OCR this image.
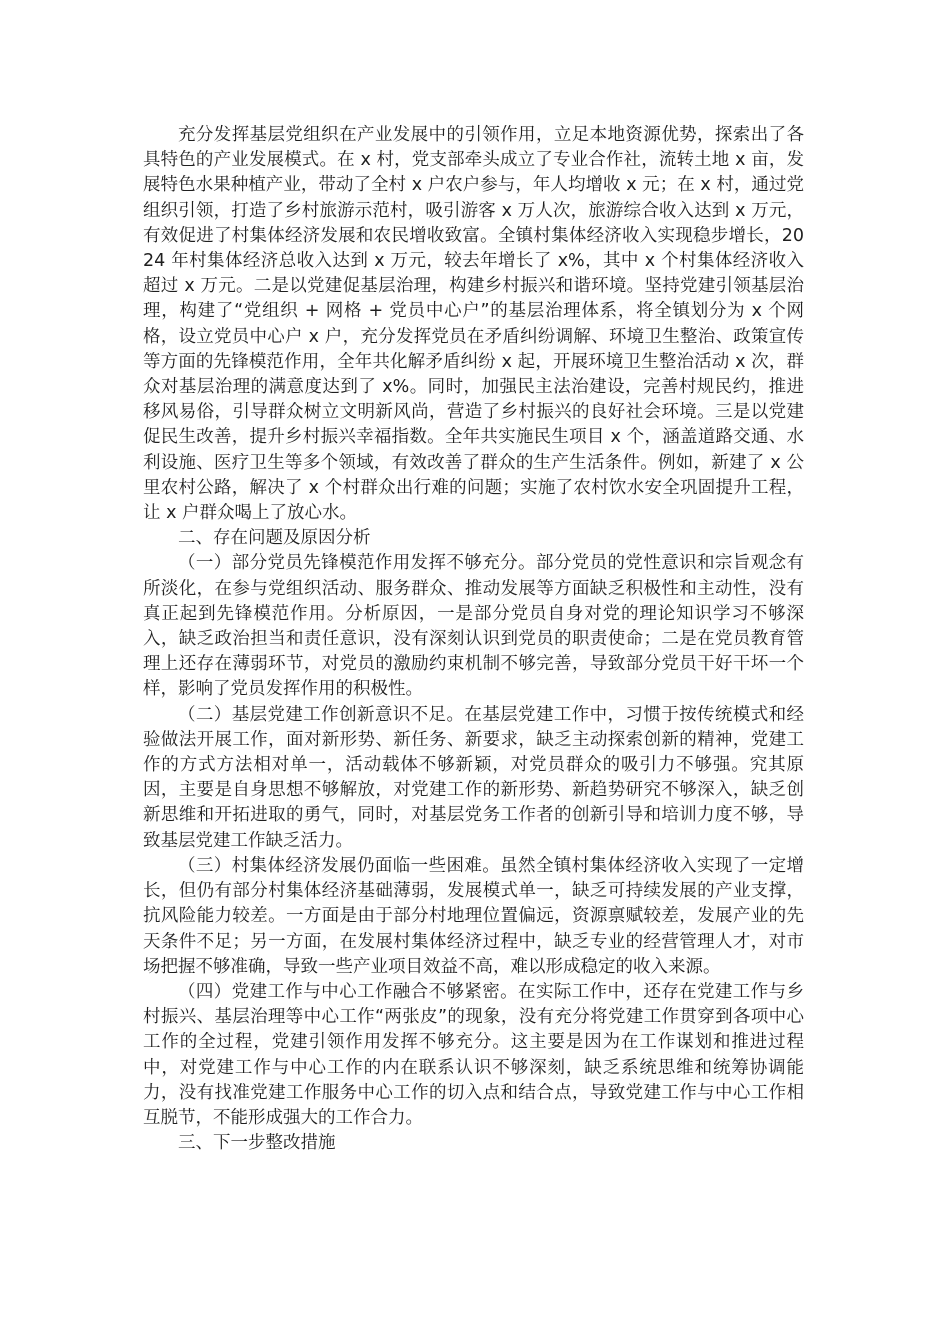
充分发挥基层党组织在产业发展中的引领作用，立足本地资源优势，探索出了各具特色的产业发展模式。在 x 村，党支部牵头成立了专业合作社，流转土地 x 亩，发展特色水果种植产业，带动了全村 x 户农户参与，年人均增收 x 元；在 x 村，通过党组织引领，打造了乡村旅游示范村，吸引游客 x 万人次，旅游综合收入达到 x 万元，有效促进了村集体经济发展和农民增收致富。全镇村集体经济收入实现稳步增长，2024 年村集体经济总收入达到 x 万元，较去年增长了 x%，其中 x 个村集体经济收入超过 x 万元。二是以党建促基层治理，构建乡村振兴和谐环境。坚持党建引领基层治理，构建了“党组织 + 网格 + 党员中心户”的基层治理体系，将全镇划分为 x 个网格，设立党员中心户 x 户，充分发挥党员在矛盾纠纷调解、环境卫生整治、政策宣传等方面的先锋模范作用，全年共化解矛盾纠纷 x 起，开展环境卫生整治活动 x 次，群众对基层治理的满意度达到了 x%。同时，加强民主法治建设，完善村规民约，推进移风易俗，引导群众树立文明新风尚，营造了乡村振兴的良好社会环境。三是以党建促民生改善，提升乡村振兴幸福指数。全年共实施民生项目 x 个，涵盖道路交通、水利设施、医疗卫生等多个领域，有效改善了群众的生产生活条件。例如，新建了 x 公里农村公路，解决了 x 个村群众出行难的问题；实施了农村饮水安全巩固提升工程，让 x 户群众喝上了放心水。

二、存在问题及原因分析

（一）部分党员先锋模范作用发挥不够充分。部分党员的党性意识和宗旨观念有所淡化，在参与党组织活动、服务群众、推动发展等方面缺乏积极性和主动性，没有真正起到先锋模范作用。分析原因，一是部分党员自身对党的理论知识学习不够深入，缺乏政治担当和责任意识，没有深刻认识到党员的职责使命；二是在党员教育管理上还存在薄弱环节，对党员的激励约束机制不够完善，导致部分党员干好干坏一个样，影响了党员发挥作用的积极性。

（二）基层党建工作创新意识不足。在基层党建工作中，习惯于按传统模式和经验做法开展工作，面对新形势、新任务、新要求，缺乏主动探索创新的精神，党建工作的方式方法相对单一，活动载体不够新颖，对党员群众的吸引力不够强。究其原因，主要是自身思想不够解放，对党建工作的新形势、新趋势研究不够深入，缺乏创新思维和开拓进取的勇气，同时，对基层党务工作者的创新引导和培训力度不够，导致基层党建工作缺乏活力。

（三）村集体经济发展仍面临一些困难。虽然全镇村集体经济收入实现了一定增长，但仍有部分村集体经济基础薄弱，发展模式单一，缺乏可持续发展的产业支撑，抗风险能力较差。一方面是由于部分村地理位置偏远，资源禀赋较差，发展产业的先天条件不足；另一方面，在发展村集体经济过程中，缺乏专业的经营管理人才，对市场把握不够准确，导致一些产业项目效益不高，难以形成稳定的收入来源。

（四）党建工作与中心工作融合不够紧密。在实际工作中，还存在党建工作与乡村振兴、基层治理等中心工作“两张皮”的现象，没有充分将党建工作贯穿到各项中心工作的全过程，党建引领作用发挥不够充分。这主要是因为在工作谋划和推进过程中，对党建工作与中心工作的内在联系认识不够深刻，缺乏系统思维和统筹协调能力，没有找准党建工作服务中心工作的切入点和结合点，导致党建工作与中心工作相互脱节，不能形成强大的工作合力。

三、下一步整改措施
